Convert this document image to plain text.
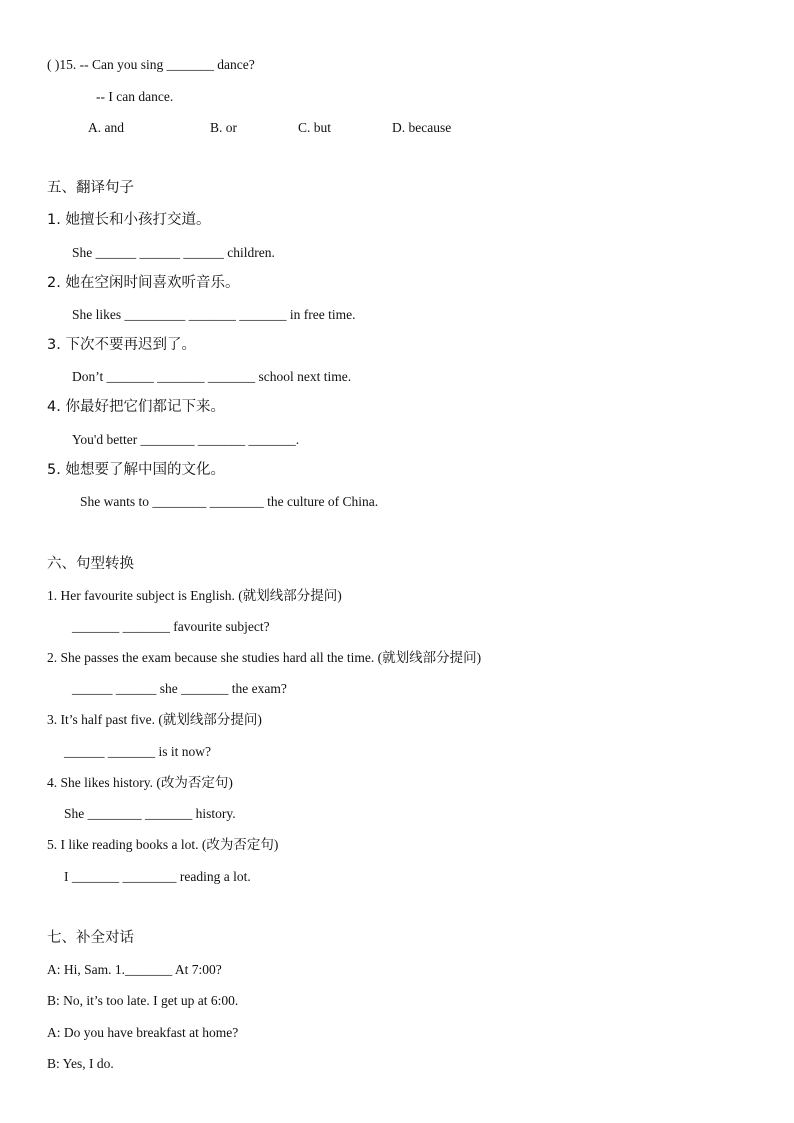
( )15. -- Can you sing _______ dance?
-- I can dance.
A. and	B. or	C. but	D. because
五、翻译句子
1. 她擅长和小孩打交道。
She ______ ______ ______ children.
2. 她在空闲时间喜欢听音乐。
She likes _________ _______ _______ in free time.
3. 下次不要再迟到了。
Don’t _______ _______ _______ school next time.
4. 你最好把它们都记下来。
You'd better ________ _______ _______.
5. 她想要了解中国的文化。
She wants to ________ ________ the culture of China.
六、句型转换
1. Her favourite subject is English. (就划线部分提问)
_______ _______ favourite subject?
2. She passes the exam because she studies hard all the time. (就划线部分提问)
______ ______ she _______ the exam?
3. It’s half past five. (就划线部分提问)
______ _______ is it now?
4. She likes history. (改为否定句)
She ________ _______ history.
5. I like reading books a lot. (改为否定句)
I _______ ________ reading a lot.
七、补全对话
A: Hi, Sam. 1._______ At 7:00?
B: No, it’s too late. I get up at 6:00.
A: Do you have breakfast at home?
B: Yes, I do.
